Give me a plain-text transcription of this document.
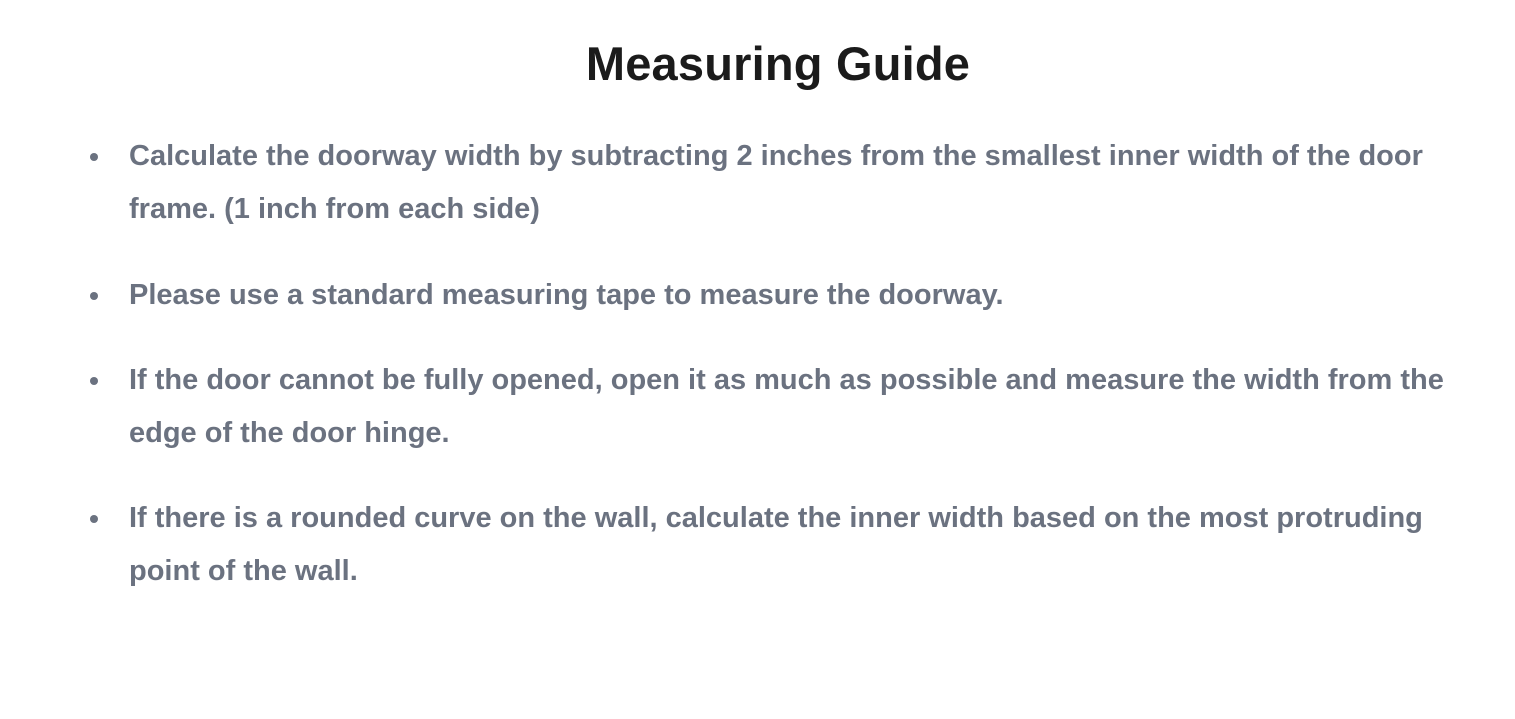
Measuring Guide
Calculate the doorway width by subtracting 2 inches from the smallest inner width of the door frame. (1 inch from each side)
Please use a standard measuring tape to measure the doorway.
If the door cannot be fully opened, open it as much as possible and measure the width from the edge of the door hinge.
If there is a rounded curve on the wall, calculate the inner width based on the most protruding point of the wall.
